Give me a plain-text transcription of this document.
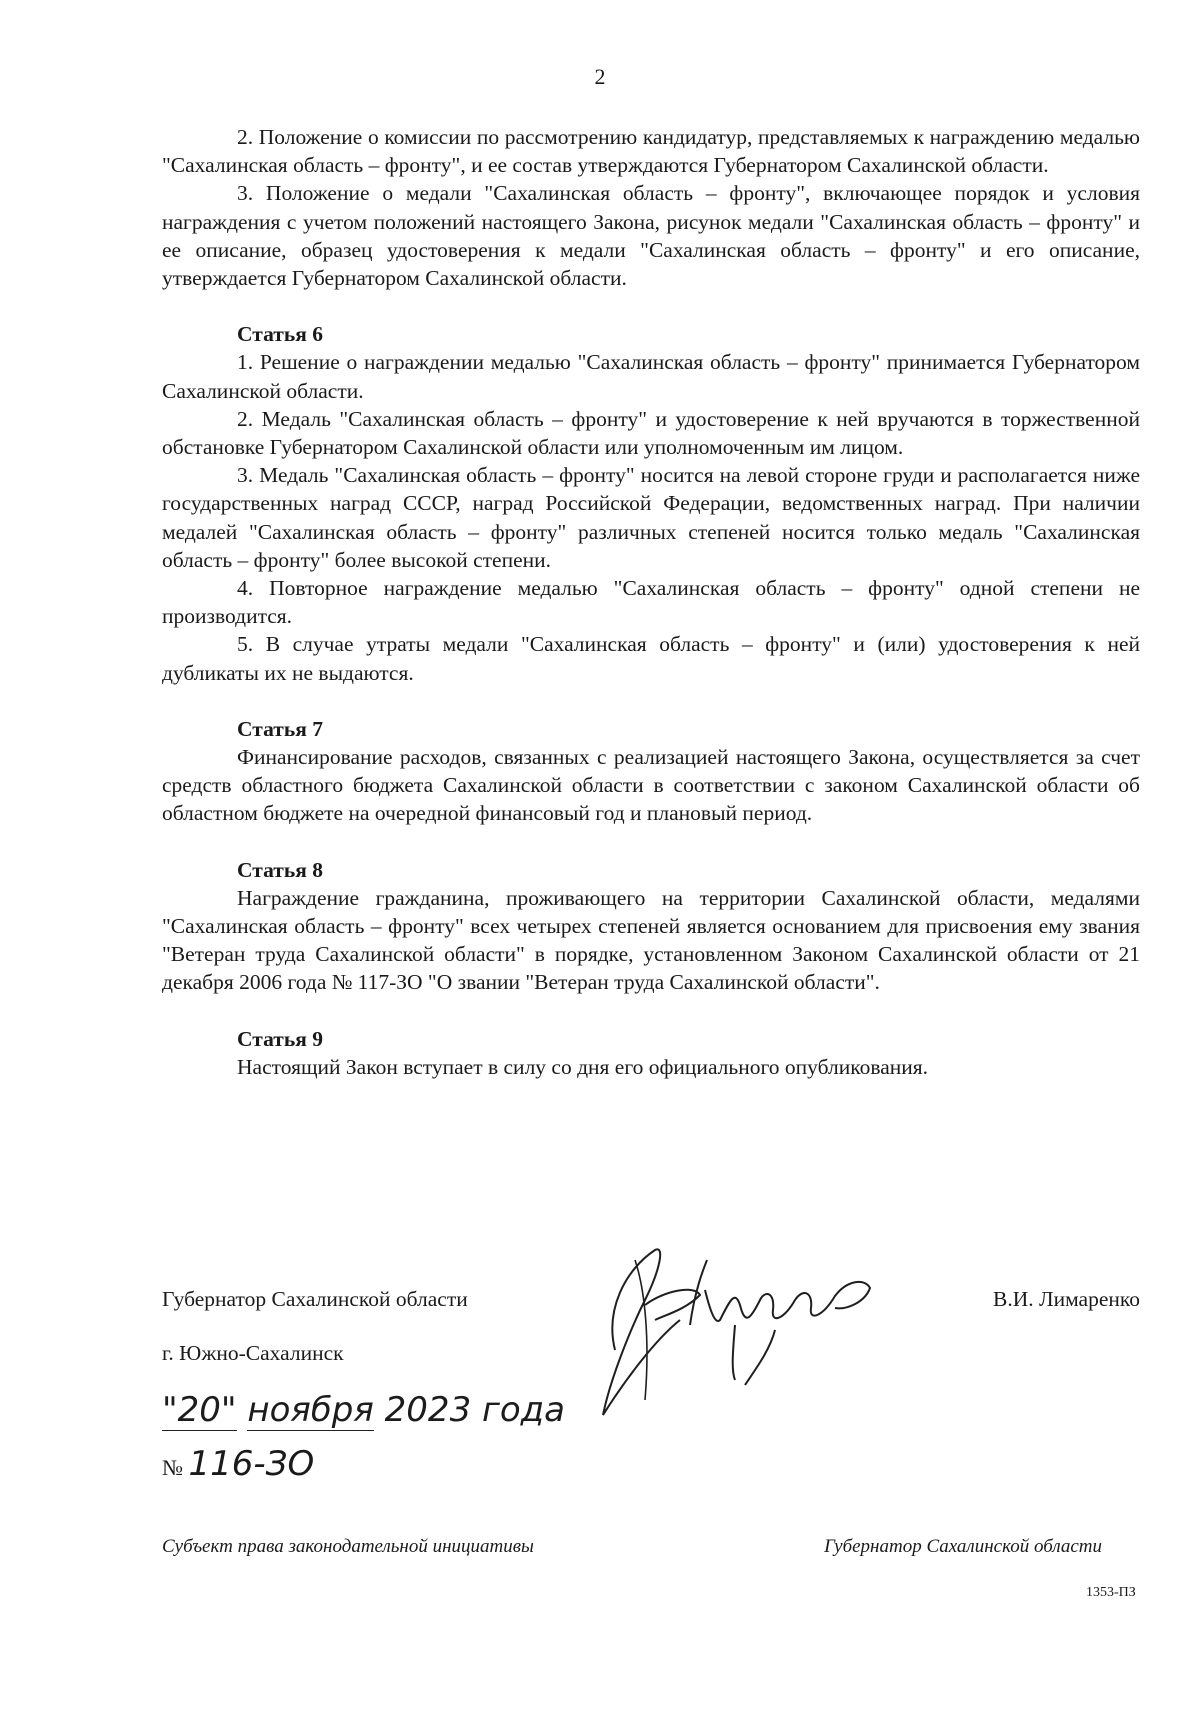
2

2. Положение о комиссии по рассмотрению кандидатур, представляемых к награждению медалью "Сахалинская область – фронту", и ее состав утверждаются Губернатором Сахалинской области.

3. Положение о медали "Сахалинская область – фронту", включающее порядок и условия награждения с учетом положений настоящего Закона, рисунок медали "Сахалинская область – фронту" и ее описание, образец удостоверения к медали "Сахалинская область – фронту" и его описание, утверждается Губернатором Сахалинской области.

Статья 6

1. Решение о награждении медалью "Сахалинская область – фронту" принимается Губернатором Сахалинской области.

2. Медаль "Сахалинская область – фронту" и удостоверение к ней вручаются в торжественной обстановке Губернатором Сахалинской области или уполномоченным им лицом.

3. Медаль "Сахалинская область – фронту" носится на левой стороне груди и располагается ниже государственных наград СССР, наград Российской Федерации, ведомственных наград. При наличии медалей "Сахалинская область – фронту" различных степеней носится только медаль "Сахалинская область – фронту" более высокой степени.

4. Повторное награждение медалью "Сахалинская область – фронту" одной степени не производится.

5. В случае утраты медали "Сахалинская область – фронту" и (или) удостоверения к ней дубликаты их не выдаются.

Статья 7

Финансирование расходов, связанных с реализацией настоящего Закона, осуществляется за счет средств областного бюджета Сахалинской области в соответствии с законом Сахалинской области об областном бюджете на очередной финансовый год и плановый период.

Статья 8

Награждение гражданина, проживающего на территории Сахалинской области, медалями "Сахалинская область – фронту" всех четырех степеней является основанием для присвоения ему звания "Ветеран труда Сахалинской области" в порядке, установленном Законом Сахалинской области от 21 декабря 2006 года № 117-ЗО "О звании "Ветеран труда Сахалинской области".

Статья 9

Настоящий Закон вступает в силу со дня его официального опубликования.

Губернатор Сахалинской области	В.И. Лимаренко
г. Южно-Сахалинск
"20" ноября 2023 года
№ 116-ЗО
Субъект права законодательной инициативы	Губернатор Сахалинской области
1353-ПЗ
